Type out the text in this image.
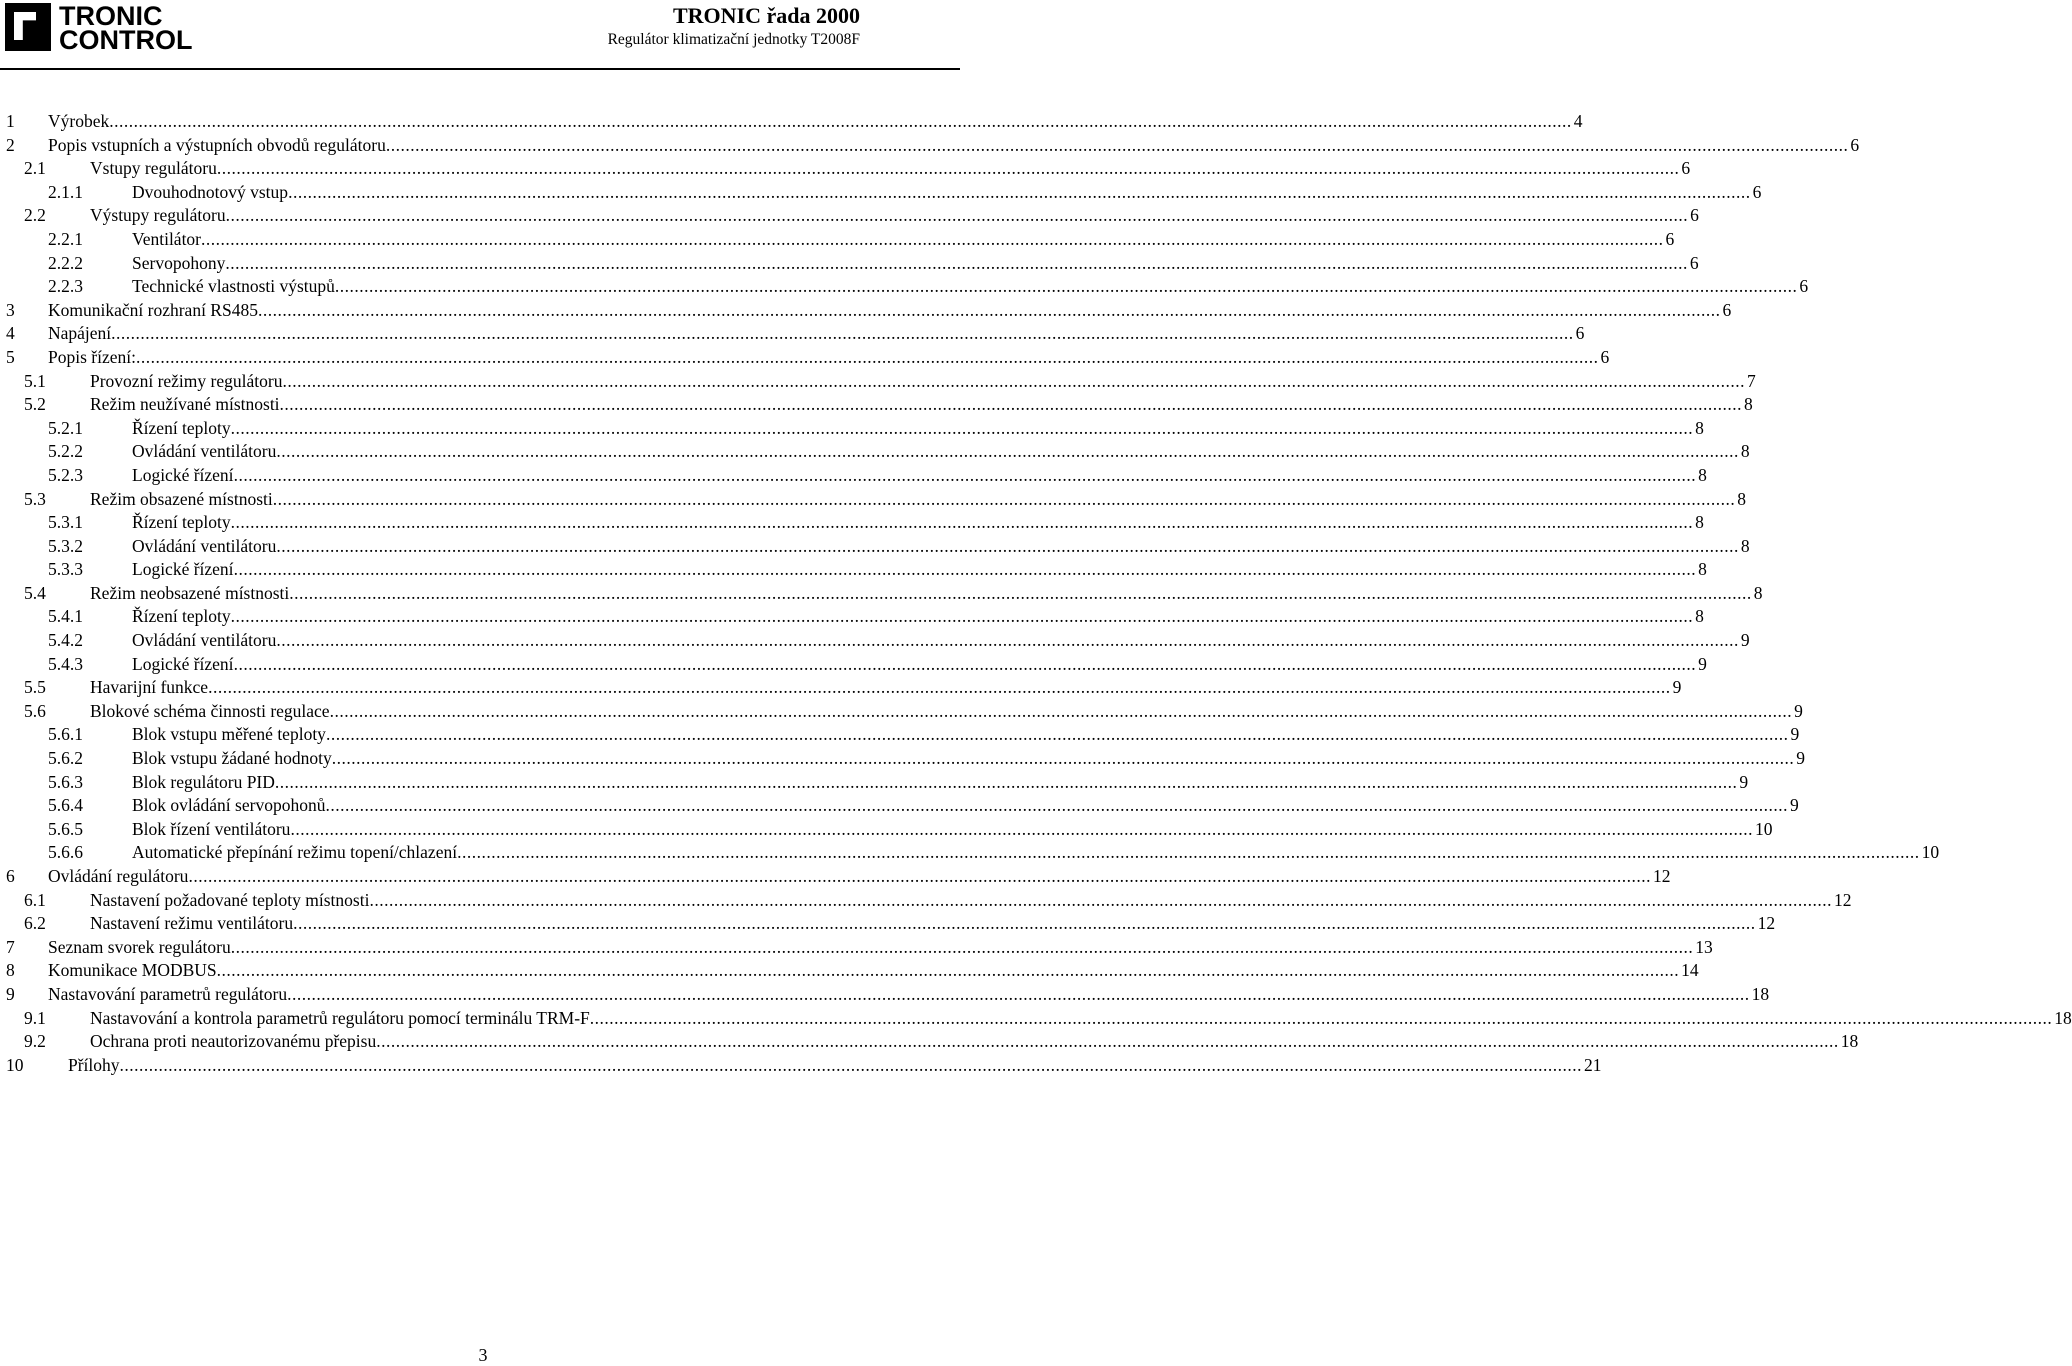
TRONIC
CONTROL
TRONIC řada 2000
Regulátor klimatizační jednotky T2008F
1 Výrobek ............................................................................................................................................................................................................................................................................................................ 4
2 Popis vstupních a výstupních obvodů regulátoru ............................................................................................................................................................................................................................................................................................................ 6
2.1	Vstupy regulátoru ............................................................................................................................................................................................................................................................................................................ 6
2.1.1	Dvouhodnotový vstup ............................................................................................................................................................................................................................................................................................................ 6
2.2	Výstupy regulátoru ............................................................................................................................................................................................................................................................................................................ 6
2.2.1	Ventilátor ............................................................................................................................................................................................................................................................................................................ 6
2.2.2	Servopohony ............................................................................................................................................................................................................................................................................................................ 6
2.2.3	Technické vlastnosti výstupů ............................................................................................................................................................................................................................................................................................................ 6
3 Komunikační rozhraní RS485 ............................................................................................................................................................................................................................................................................................................ 6
4 Napájení ............................................................................................................................................................................................................................................................................................................ 6
5 Popis řízení: ............................................................................................................................................................................................................................................................................................................ 6
5.1	Provozní režimy regulátoru ............................................................................................................................................................................................................................................................................................................ 7
5.2	Režim neužívané místnosti ............................................................................................................................................................................................................................................................................................................ 8
5.2.1	Řízení teploty ............................................................................................................................................................................................................................................................................................................ 8
5.2.2	Ovládání ventilátoru ............................................................................................................................................................................................................................................................................................................ 8
5.2.3	Logické řízení ............................................................................................................................................................................................................................................................................................................ 8
5.3	Režim obsazené místnosti ............................................................................................................................................................................................................................................................................................................ 8
5.3.1	Řízení teploty ............................................................................................................................................................................................................................................................................................................ 8
5.3.2	Ovládání ventilátoru ............................................................................................................................................................................................................................................................................................................ 8
5.3.3	Logické řízení ............................................................................................................................................................................................................................................................................................................ 8
5.4	Režim neobsazené místnosti ............................................................................................................................................................................................................................................................................................................ 8
5.4.1	Řízení teploty ............................................................................................................................................................................................................................................................................................................ 8
5.4.2	Ovládání ventilátoru ............................................................................................................................................................................................................................................................................................................ 9
5.4.3	Logické řízení ............................................................................................................................................................................................................................................................................................................ 9
5.5	Havarijní funkce ............................................................................................................................................................................................................................................................................................................ 9
5.6	Blokové schéma činnosti regulace ............................................................................................................................................................................................................................................................................................................ 9
5.6.1	Blok vstupu měřené teploty ............................................................................................................................................................................................................................................................................................................ 9
5.6.2	Blok vstupu žádané hodnoty ............................................................................................................................................................................................................................................................................................................ 9
5.6.3	Blok regulátoru PID ............................................................................................................................................................................................................................................................................................................ 9
5.6.4	Blok ovládání servopohonů ............................................................................................................................................................................................................................................................................................................ 9
5.6.5	Blok řízení ventilátoru ............................................................................................................................................................................................................................................................................................................ 10
5.6.6	Automatické přepínání režimu topení/chlazení ............................................................................................................................................................................................................................................................................................................ 10
6 Ovládání regulátoru ............................................................................................................................................................................................................................................................................................................ 12
6.1	Nastavení požadované teploty místnosti ............................................................................................................................................................................................................................................................................................................ 12
6.2	Nastavení režimu ventilátoru ............................................................................................................................................................................................................................................................................................................ 12
7 Seznam svorek regulátoru ............................................................................................................................................................................................................................................................................................................ 13
8 Komunikace MODBUS ............................................................................................................................................................................................................................................................................................................ 14
9 Nastavování parametrů regulátoru ............................................................................................................................................................................................................................................................................................................ 18
9.1	Nastavování a kontrola parametrů regulátoru pomocí terminálu TRM-F ............................................................................................................................................................................................................................................................................................................ 18
9.2	Ochrana proti neautorizovanému přepisu ............................................................................................................................................................................................................................................................................................................ 18
10	Přílohy ............................................................................................................................................................................................................................................................................................................ 21
3
